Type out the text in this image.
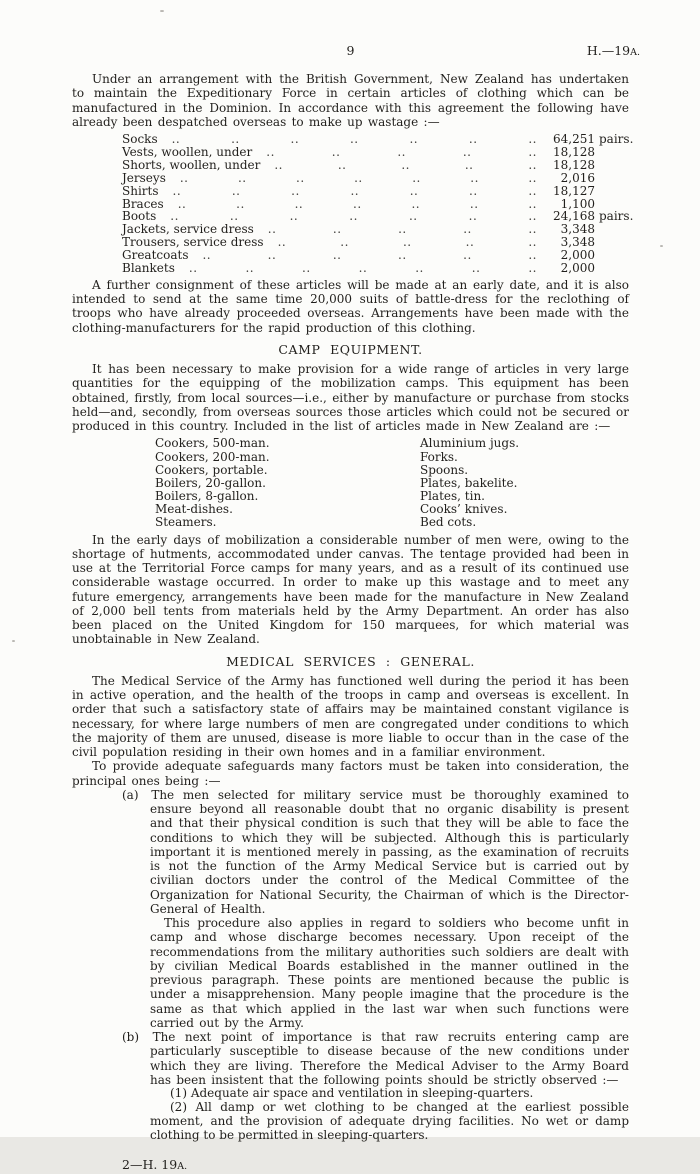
9	H.—19A.

Under an arrangement with the British Government, New Zealand has undertaken to maintain the Expeditionary Force in certain articles of clothing which can be manufactured in the Dominion. In accordance with this agreement the following have already been despatched overseas to make up wastage :—

Socks	.. .. .. .. .. .. ..	64,251 pairs.
Vests, woollen, under	.. .. .. .. ..	18,128
Shorts, woollen, under	.. .. .. .. ..	18,128
Jerseys	.. .. .. .. .. .. ..	2,016
Shirts	.. .. .. .. .. .. ..	18,127
Braces	.. .. .. .. .. .. ..	1,100
Boots	.. .. .. .. .. .. ..	24,168 pairs.
Jackets, service dress	.. .. .. .. ..	3,348
Trousers, service dress	.. .. .. .. ..	3,348
Greatcoats	.. .. .. .. .. ..	2,000
Blankets	.. .. .. .. .. .. ..	2,000

A further consignment of these articles will be made at an early date, and it is also intended to send at the same time 20,000 suits of battle-dress for the reclothing of troops who have already proceeded overseas. Arrangements have been made with the clothing-manufacturers for the rapid production of this clothing.

CAMP EQUIPMENT.

It has been necessary to make provision for a wide range of articles in very large quantities for the equipping of the mobilization camps. This equipment has been obtained, firstly, from local sources—i.e., either by manufacture or purchase from stocks held—and, secondly, from overseas sources those articles which could not be secured or produced in this country. Included in the list of articles made in New Zealand are :—

Cookers, 500-man.
Cookers, 200-man.
Cookers, portable.
Boilers, 20-gallon.
Boilers, 8-gallon.
Meat-dishes.
Steamers.
Aluminium jugs.
Forks.
Spoons.
Plates, bakelite.
Plates, tin.
Cooks’ knives.
Bed cots.

In the early days of mobilization a considerable number of men were, owing to the shortage of hutments, accommodated under canvas. The tentage provided had been in use at the Territorial Force camps for many years, and as a result of its continued use considerable wastage occurred. In order to make up this wastage and to meet any future emergency, arrangements have been made for the manufacture in New Zealand of 2,000 bell tents from materials held by the Army Department. An order has also been placed on the United Kingdom for 150 marquees, for which material was unobtainable in New Zealand.

MEDICAL SERVICES : GENERAL.

The Medical Service of the Army has functioned well during the period it has been in active operation, and the health of the troops in camp and overseas is excellent. In order that such a satisfactory state of affairs may be maintained constant vigilance is necessary, for where large numbers of men are congregated under conditions to which the majority of them are unused, disease is more liable to occur than in the case of the civil population residing in their own homes and in a familiar environment.

To provide adequate safeguards many factors must be taken into consideration, the principal ones being :—

(a) The men selected for military service must be thoroughly examined to ensure beyond all reasonable doubt that no organic disability is present and that their physical condition is such that they will be able to face the conditions to which they will be subjected. Although this is particularly important it is mentioned merely in passing, as the examination of recruits is not the function of the Army Medical Service but is carried out by civilian doctors under the control of the Medical Committee of the Organization for National Security, the Chairman of which is the Director-General of Health.
This procedure also applies in regard to soldiers who become unfit in camp and whose discharge becomes necessary. Upon receipt of the recommendations from the military authorities such soldiers are dealt with by civilian Medical Boards established in the manner outlined in the previous paragraph. These points are mentioned because the public is under a misapprehension. Many people imagine that the procedure is the same as that which applied in the last war when such functions were carried out by the Army.
(b) The next point of importance is that raw recruits entering camp are particularly susceptible to disease because of the new conditions under which they are living. Therefore the Medical Adviser to the Army Board has been insistent that the following points should be strictly observed :—
(1) Adequate air space and ventilation in sleeping-quarters.
(2) All damp or wet clothing to be changed at the earliest possible moment, and the provision of adequate drying facilities. No wet or damp clothing to be permitted in sleeping-quarters.
2—H. 19A.
